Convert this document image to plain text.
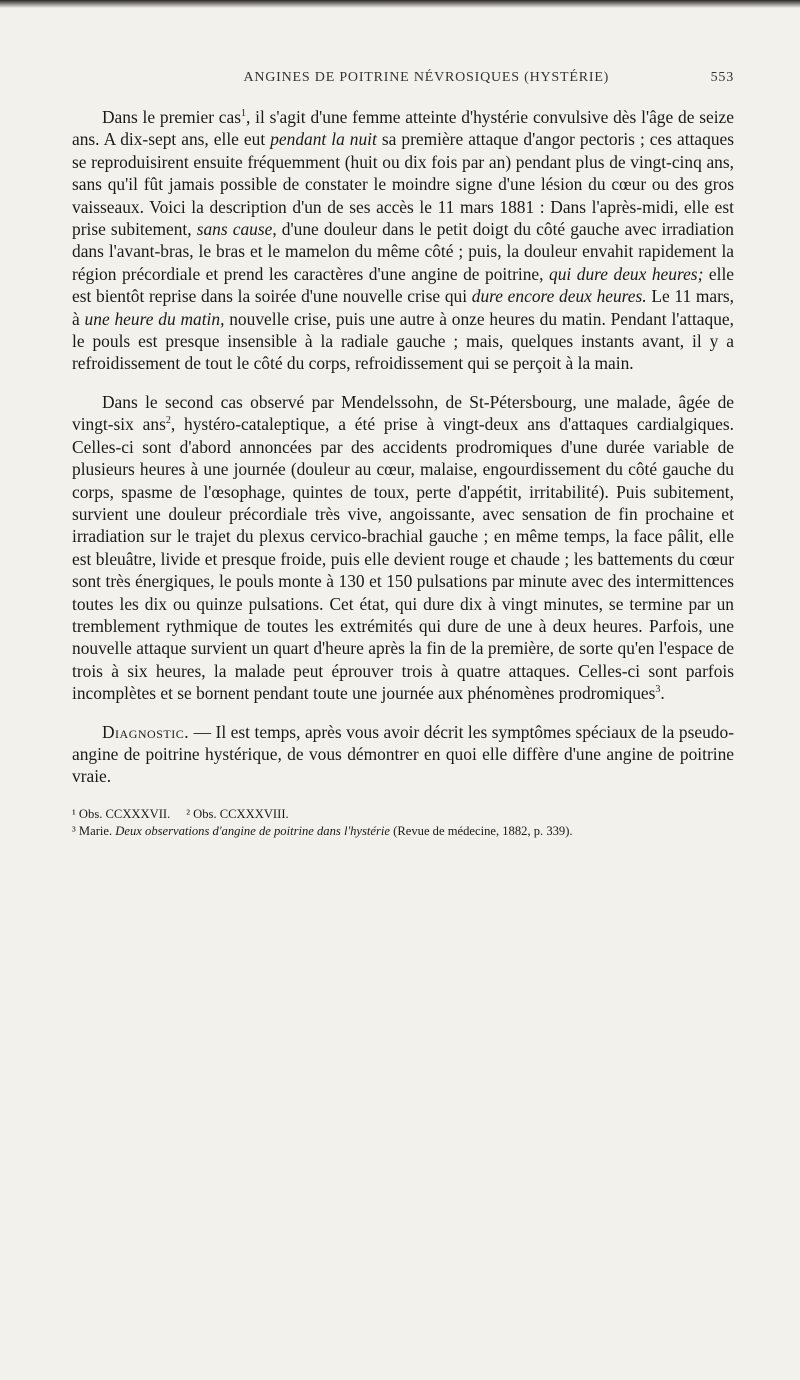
ANGINES DE POITRINE NÉVROSIQUES (HYSTÉRIE)	553

Dans le premier cas$^1$, il s'agit d'une femme atteinte d'hystérie convulsive dès l'âge de seize ans. A dix-sept ans, elle eut pendant la nuit sa première attaque d'angor pectoris ; ces attaques se reproduisirent ensuite fréquemment (huit ou dix fois par an) pendant plus de vingt-cinq ans, sans qu'il fût jamais possible de constater le moindre signe d'une lésion du cœur ou des gros vaisseaux. Voici la description d'un de ses accès le 11 mars 1881 : Dans l'après-midi, elle est prise subitement, sans cause, d'une douleur dans le petit doigt du côté gauche avec irradiation dans l'avant-bras, le bras et le mamelon du même côté ; puis, la douleur envahit rapidement la région précordiale et prend les caractères d'une angine de poitrine, qui dure deux heures; elle est bientôt reprise dans la soirée d'une nouvelle crise qui dure encore deux heures. Le 11 mars, à une heure du matin, nouvelle crise, puis une autre à onze heures du matin. Pendant l'attaque, le pouls est presque insensible à la radiale gauche ; mais, quelques instants avant, il y a refroidissement de tout le côté du corps, refroidissement qui se perçoit à la main.

Dans le second cas observé par Mendelssohn, de St-Pétersbourg, une malade, âgée de vingt-six ans$^2$, hystéro-cataleptique, a été prise à vingt-deux ans d'attaques cardialgiques. Celles-ci sont d'abord annoncées par des accidents prodromiques d'une durée variable de plusieurs heures à une journée (douleur au cœur, malaise, engourdissement du côté gauche du corps, spasme de l'œsophage, quintes de toux, perte d'appétit, irritabilité). Puis subitement, survient une douleur précordiale très vive, angoissante, avec sensation de fin prochaine et irradiation sur le trajet du plexus cervico-brachial gauche ; en même temps, la face pâlit, elle est bleuâtre, livide et presque froide, puis elle devient rouge et chaude ; les battements du cœur sont très énergiques, le pouls monte à 130 et 150 pulsations par minute avec des intermittences toutes les dix ou quinze pulsations. Cet état, qui dure dix à vingt minutes, se termine par un tremblement rythmique de toutes les extrémités qui dure de une à deux heures. Parfois, une nouvelle attaque survient un quart d'heure après la fin de la première, de sorte qu'en l'espace de trois à six heures, la malade peut éprouver trois à quatre attaques. Celles-ci sont parfois incomplètes et se bornent pendant toute une journée aux phénomènes prodromiques$^3$.

Diagnostic. — Il est temps, après vous avoir décrit les symptômes spéciaux de la pseudo-angine de poitrine hystérique, de vous démontrer en quoi elle diffère d'une angine de poitrine vraie.

¹ Obs. CCXXXVII. ² Obs. CCXXXVIII.
³ Marie. Deux observations d'angine de poitrine dans l'hystérie (Revue de médecine, 1882, p. 339).
